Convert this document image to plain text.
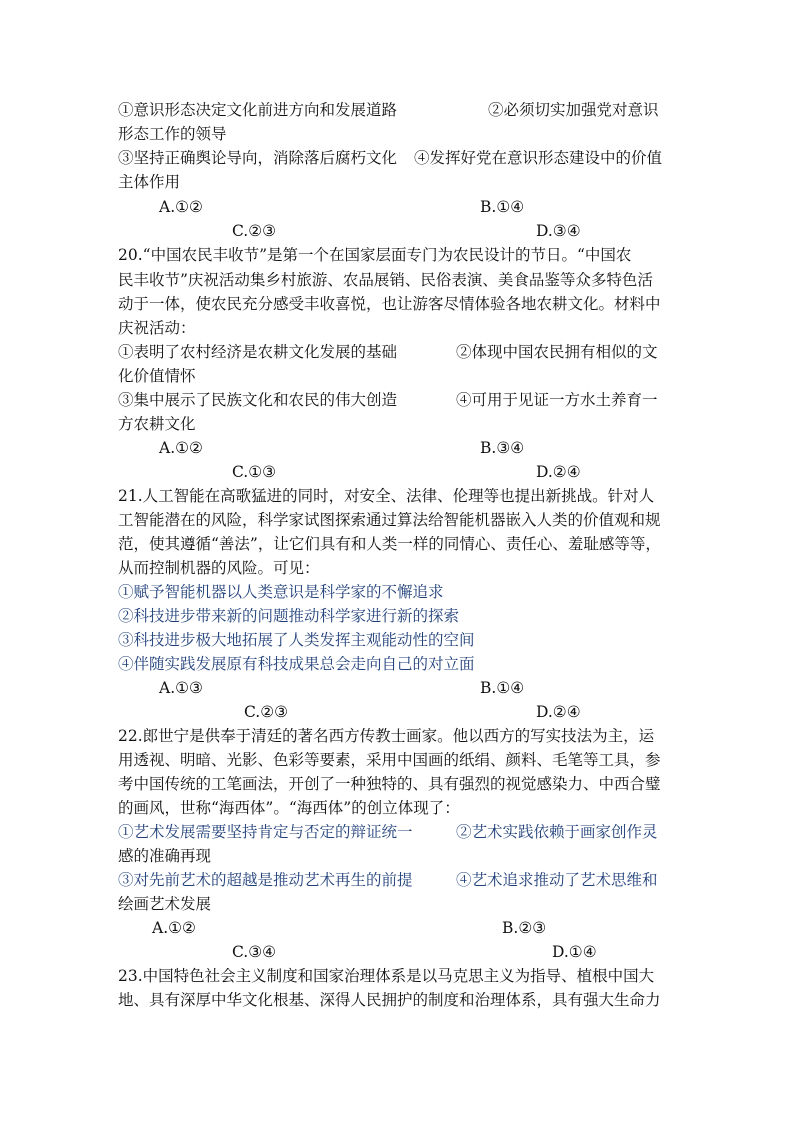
①意识形态决定文化前进方向和发展道路	②必须切实加强党对意识
形态工作的领导
③坚持正确舆论导向，消除落后腐朽文化 ④发挥好党在意识形态建设中的价值
主体作用
A.①②	B.①④
C.②③	D.③④
20.“中国农民丰收节”是第一个在国家层面专门为农民设计的节日。“中国农
民丰收节”庆祝活动集乡村旅游、农品展销、民俗表演、美食品鉴等众多特色活
动于一体，使农民充分感受丰收喜悦，也让游客尽情体验各地农耕文化。材料中
庆祝活动：
①表明了农村经济是农耕文化发展的基础	②体现中国农民拥有相似的文
化价值情怀
③集中展示了民族文化和农民的伟大创造	④可用于见证一方水土养育一
方农耕文化
A.①②	B.③④
C.①③	D.②④
21.人工智能在高歌猛进的同时，对安全、法律、伦理等也提出新挑战。针对人
工智能潜在的风险，科学家试图探索通过算法给智能机器嵌入人类的价值观和规
范，使其遵循“善法”，让它们具有和人类一样的同情心、责任心、羞耻感等等，
从而控制机器的风险。可见：
①赋予智能机器以人类意识是科学家的不懈追求
②科技进步带来新的问题推动科学家进行新的探索
③科技进步极大地拓展了人类发挥主观能动性的空间
④伴随实践发展原有科技成果总会走向自己的对立面
A.①③	B.①④
C.②③	D.②④
22.郎世宁是供奉于清廷的著名西方传教士画家。他以西方的写实技法为主，运
用透视、明暗、光影、色彩等要素，采用中国画的纸绢、颜料、毛笔等工具，参
考中国传统的工笔画法，开创了一种独特的、具有强烈的视觉感染力、中西合璧
的画风，世称“海西体”。“海西体”的创立体现了：
①艺术发展需要坚持肯定与否定的辩证统一	②艺术实践依赖于画家创作灵
感的准确再现
③对先前艺术的超越是推动艺术再生的前提	④艺术追求推动了艺术思维和
绘画艺术发展
A.①②	B.②③
C.③④	D.①④
23.中国特色社会主义制度和国家治理体系是以马克思主义为指导、植根中国大
地、具有深厚中华文化根基、深得人民拥护的制度和治理体系，具有强大生命力
